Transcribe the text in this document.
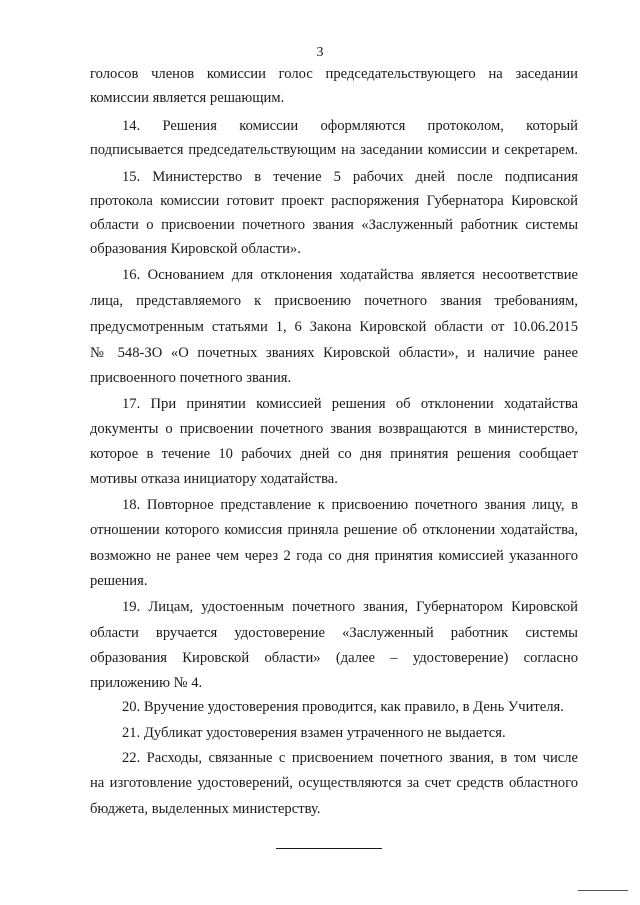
3
голосов членов комиссии голос председательствующего на заседании
комиссии является решающим.
14. Решения комиссии оформляются протоколом, который
подписывается председательствующим на заседании комиссии и секретарем.
15. Министерство в течение 5 рабочих дней после подписания
протокола комиссии готовит проект распоряжения Губернатора Кировской
области о присвоении почетного звания «Заслуженный работник системы
образования Кировской области».
16. Основанием для отклонения ходатайства является несоответствие
лица, представляемого к присвоению почетного звания требованиям,
предусмотренным статьями 1, 6 Закона Кировской области от 10.06.2015
№ 548-ЗО «О почетных званиях Кировской области», и наличие ранее
присвоенного почетного звания.
17. При принятии комиссией решения об отклонении ходатайства
документы о присвоении почетного звания возвращаются в министерство,
которое в течение 10 рабочих дней со дня принятия решения сообщает
мотивы отказа инициатору ходатайства.
18. Повторное представление к присвоению почетного звания лицу, в
отношении которого комиссия приняла решение об отклонении ходатайства,
возможно не ранее чем через 2 года со дня принятия комиссией указанного
решения.
19. Лицам, удостоенным почетного звания, Губернатором Кировской
области вручается удостоверение «Заслуженный работник системы
образования Кировской области» (далее – удостоверение) согласно
приложению № 4.
20. Вручение удостоверения проводится, как правило, в День Учителя.
21. Дубликат удостоверения взамен утраченного не выдается.
22. Расходы, связанные с присвоением почетного звания, в том числе
на изготовление удостоверений, осуществляются за счет средств областного
бюджета, выделенных министерству.
